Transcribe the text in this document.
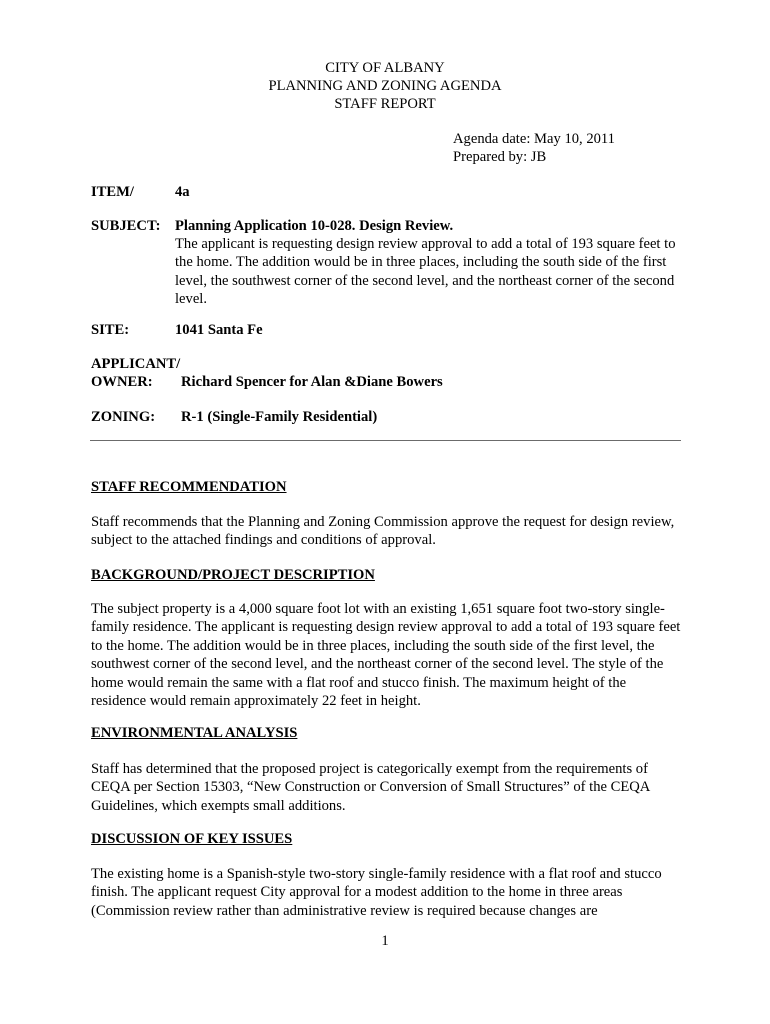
CITY OF ALBANY
PLANNING AND ZONING AGENDA
STAFF REPORT
Agenda date: May 10, 2011
Prepared by: JB
ITEM/	4a
SUBJECT: Planning Application 10-028. Design Review.
The applicant is requesting design review approval to add a total of 193 square feet to the home. The addition would be in three places, including the south side of the first level, the southwest corner of the second level, and the northeast corner of the second level.
SITE:	1041 Santa Fe
APPLICANT/
OWNER: Richard Spencer for Alan &Diane Bowers
ZONING: R-1 (Single-Family Residential)
STAFF RECOMMENDATION
Staff recommends that the Planning and Zoning Commission approve the request for design review, subject to the attached findings and conditions of approval.
BACKGROUND/PROJECT DESCRIPTION
The subject property is a 4,000 square foot lot with an existing 1,651 square foot two-story single-family residence. The applicant is requesting design review approval to add a total of 193 square feet to the home. The addition would be in three places, including the south side of the first level, the southwest corner of the second level, and the northeast corner of the second level. The style of the home would remain the same with a flat roof and stucco finish. The maximum height of the residence would remain approximately 22 feet in height.
ENVIRONMENTAL ANALYSIS
Staff has determined that the proposed project is categorically exempt from the requirements of CEQA per Section 15303, “New Construction or Conversion of Small Structures” of the CEQA Guidelines, which exempts small additions.
DISCUSSION OF KEY ISSUES
The existing home is a Spanish-style two-story single-family residence with a flat roof and stucco finish. The applicant request City approval for a modest addition to the home in three areas (Commission review rather than administrative review is required because changes are
1
